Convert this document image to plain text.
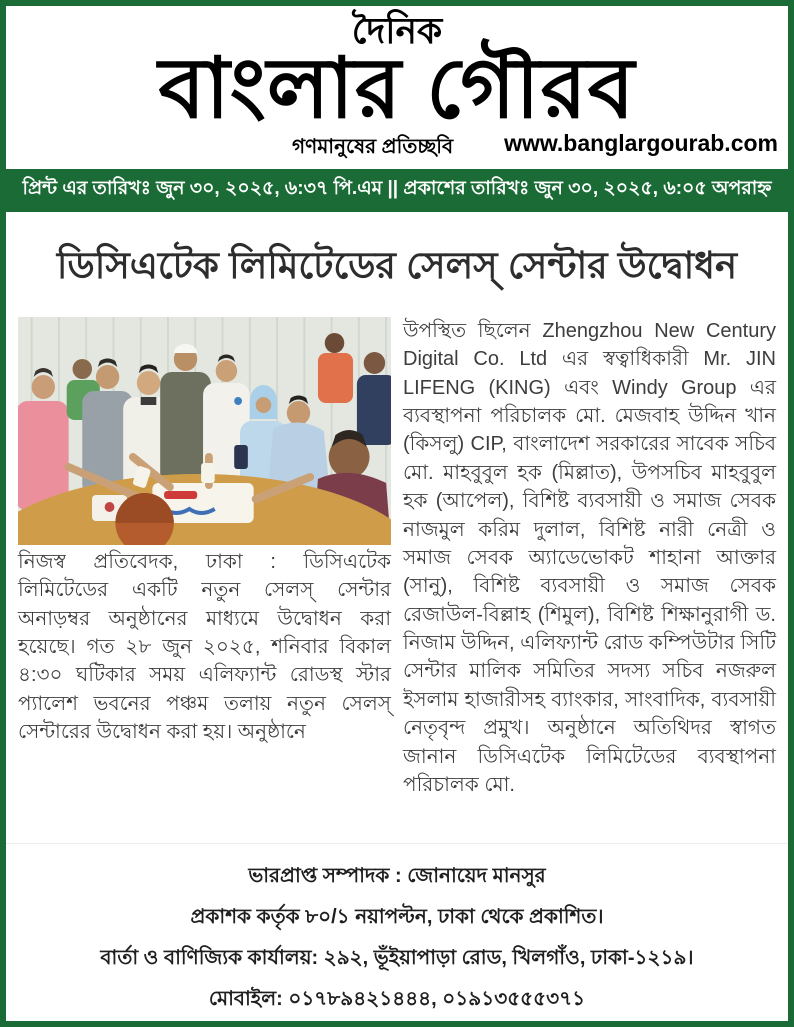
দৈনিক
বাংলার গৌরব
গণমানুষের প্রতিচ্ছবি www.banglargourab.com
প্রিন্ট এর তারিখঃ জুন ৩০, ২০২৫, ৬:৩৭ পি.এম || প্রকাশের তারিখঃ জুন ৩০, ২০২৫, ৬:০৫ অপরাহ্ন
ডিসিএটেক লিমিটেডের সেলস্ সেন্টার উদ্বোধন

নিজস্ব প্রতিবেদক, ঢাকা : ডিসিএটেক লিমিটেডের একটি নতুন সেলস্ সেন্টার অনাড়ম্বর অনুষ্ঠানের মাধ্যমে উদ্বোধন করা হয়েছে। গত ২৮ জুন ২০২৫, শনিবার বিকাল ৪:৩০ ঘটিকার সময় এলিফ্যান্ট রোডস্থ স্টার প্যালেশ ভবনের পঞ্চম তলায় নতুন সেলস্ সেন্টারের উদ্বোধন করা হয়। অনুষ্ঠানে

উপস্থিত ছিলেন Zhengzhou New Century Digital Co. Ltd এর স্বত্বাধিকারী Mr. JIN LIFENG (KING) এবং Windy Group এর ব্যবস্থাপনা পরিচালক মো. মেজবাহ উদ্দিন খান (কিসলু) CIP, বাংলাদেশ সরকারের সাবেক সচিব মো. মাহবুবুল হক (মিল্লাত), উপসচিব মাহবুবুল হক (আপেল), বিশিষ্ট ব্যবসায়ী ও সমাজ সেবক নাজমুল করিম দুলাল, বিশিষ্ট নারী নেত্রী ও সমাজ সেবক অ্যাডেভোকট শাহানা আক্তার (সানু), বিশিষ্ট ব্যবসায়ী ও সমাজ সেবক রেজাউল-বিল্লাহ (শিমুল), বিশিষ্ট শিক্ষানুরাগী ড. নিজাম উদ্দিন, এলিফ্যান্ট রোড কম্পিউটার সিটি সেন্টার মালিক সমিতির সদস্য সচিব নজরুল ইসলাম হাজারীসহ ব্যাংকার, সাংবাদিক, ব্যবসায়ী নেতৃবৃন্দ প্রমুখ। অনুষ্ঠানে অতিথিদর স্বাগত জানান ডিসিএটেক লিমিটেডের ব্যবস্থাপনা পরিচালক মো.

ভারপ্রাপ্ত সম্পাদক : জোনায়েদ মানসুর

প্রকাশক কর্তৃক ৮০/১ নয়াপল্টন, ঢাকা থেকে প্রকাশিত।

বার্তা ও বাণিজ্যিক কার্যালয়: ২৯২, ভূঁইয়াপাড়া রোড, খিলগাঁও, ঢাকা-১২১৯।

মোবাইল: ০১৭৮৯৪২১৪৪৪, ০১৯১৩৫৫৫৩৭১
